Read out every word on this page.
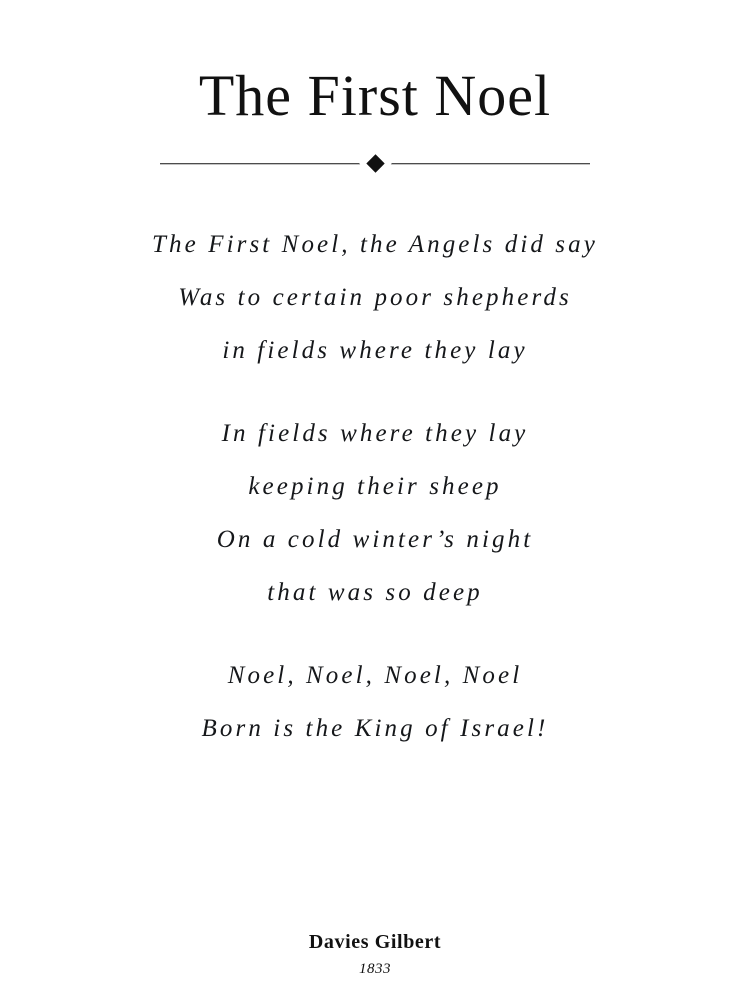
The First Noel
The First Noel, the Angels did say
Was to certain poor shepherds
in fields where they lay
In fields where they lay
keeping their sheep
On a cold winter’s night
that was so deep
Noel, Noel, Noel, Noel
Born is the King of Israel!
Davies Gilbert
1833
